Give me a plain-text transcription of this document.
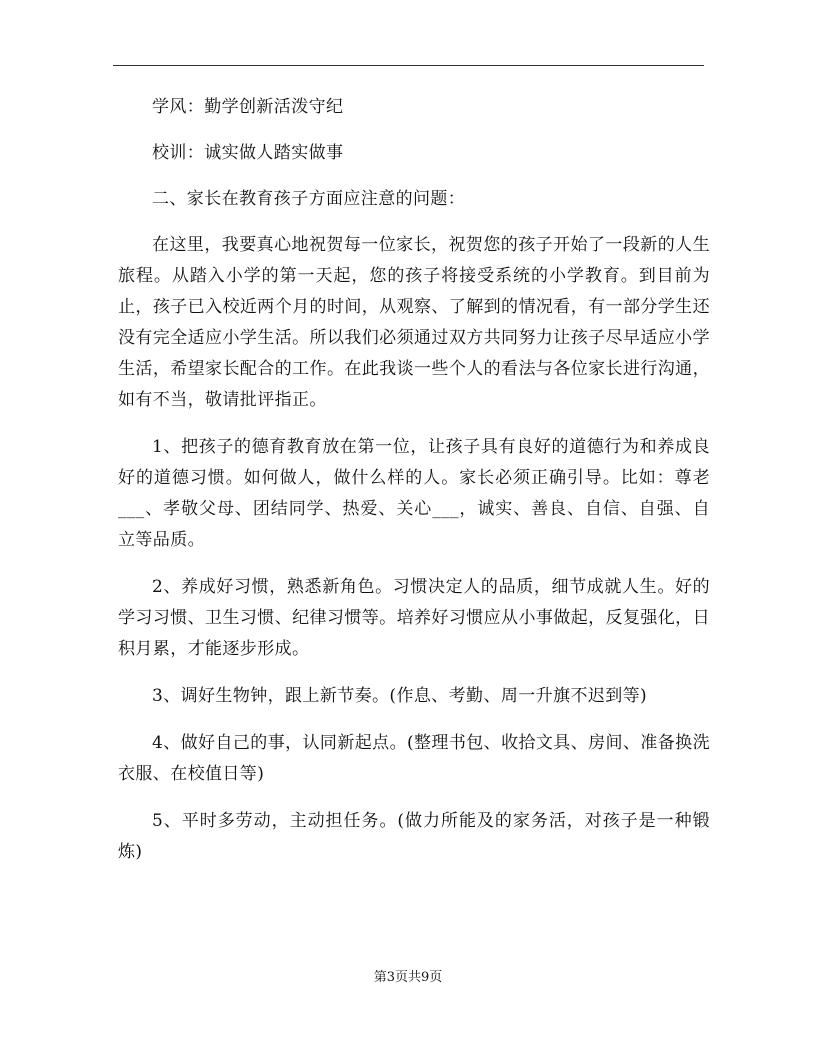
学风：勤学创新活泼守纪

校训：诚实做人踏实做事

二、家长在教育孩子方面应注意的问题：

在这里，我要真心地祝贺每一位家长，祝贺您的孩子开始了一段新的人生旅程。从踏入小学的第一天起，您的孩子将接受系统的小学教育。到目前为止，孩子已入校近两个月的时间，从观察、了解到的情况看，有一部分学生还没有完全适应小学生活。所以我们必须通过双方共同努力让孩子尽早适应小学生活，希望家长配合的工作。在此我谈一些个人的看法与各位家长进行沟通，如有不当，敬请批评指正。

1、把孩子的德育教育放在第一位，让孩子具有良好的道德行为和养成良好的道德习惯。如何做人，做什么样的人。家长必须正确引导。比如：尊老___、孝敬父母、团结同学、热爱、关心___，诚实、善良、自信、自强、自立等品质。

2、养成好习惯，熟悉新角色。习惯决定人的品质，细节成就人生。好的学习习惯、卫生习惯、纪律习惯等。培养好习惯应从小事做起，反复强化，日积月累，才能逐步形成。

3、调好生物钟，跟上新节奏。(作息、考勤、周一升旗不迟到等)

4、做好自己的事，认同新起点。(整理书包、收拾文具、房间、准备换洗衣服、在校值日等)

5、平时多劳动，主动担任务。(做力所能及的家务活，对孩子是一种锻炼)

第3页共9页
